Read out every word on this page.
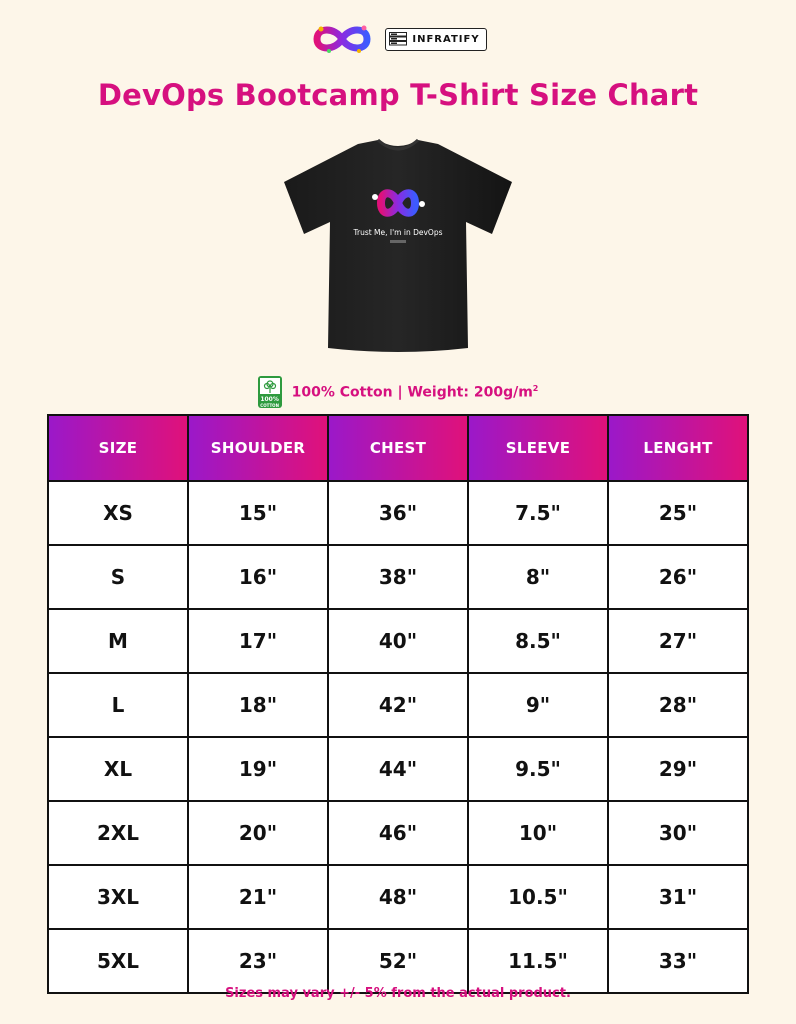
INFRATIFY
DevOps Bootcamp T-Shirt Size Chart
Trust Me, I'm in DevOps
100%
COTTON
100% Cotton | Weight: $200g/m^2$
SIZE	SHOULDER	CHEST	SLEEVE	LENGHT
XS	15"	36"	7.5"	25"
S	16"	38"	8"	26"
M	17"	40"	8.5"	27"
L	18"	42"	9"	28"
XL	19"	44"	9.5"	29"
2XL	20"	46"	10"	30"
3XL	21"	48"	10.5"	31"
5XL	23"	52"	11.5"	33"
Sizes may vary +/- 5% from the actual product.
